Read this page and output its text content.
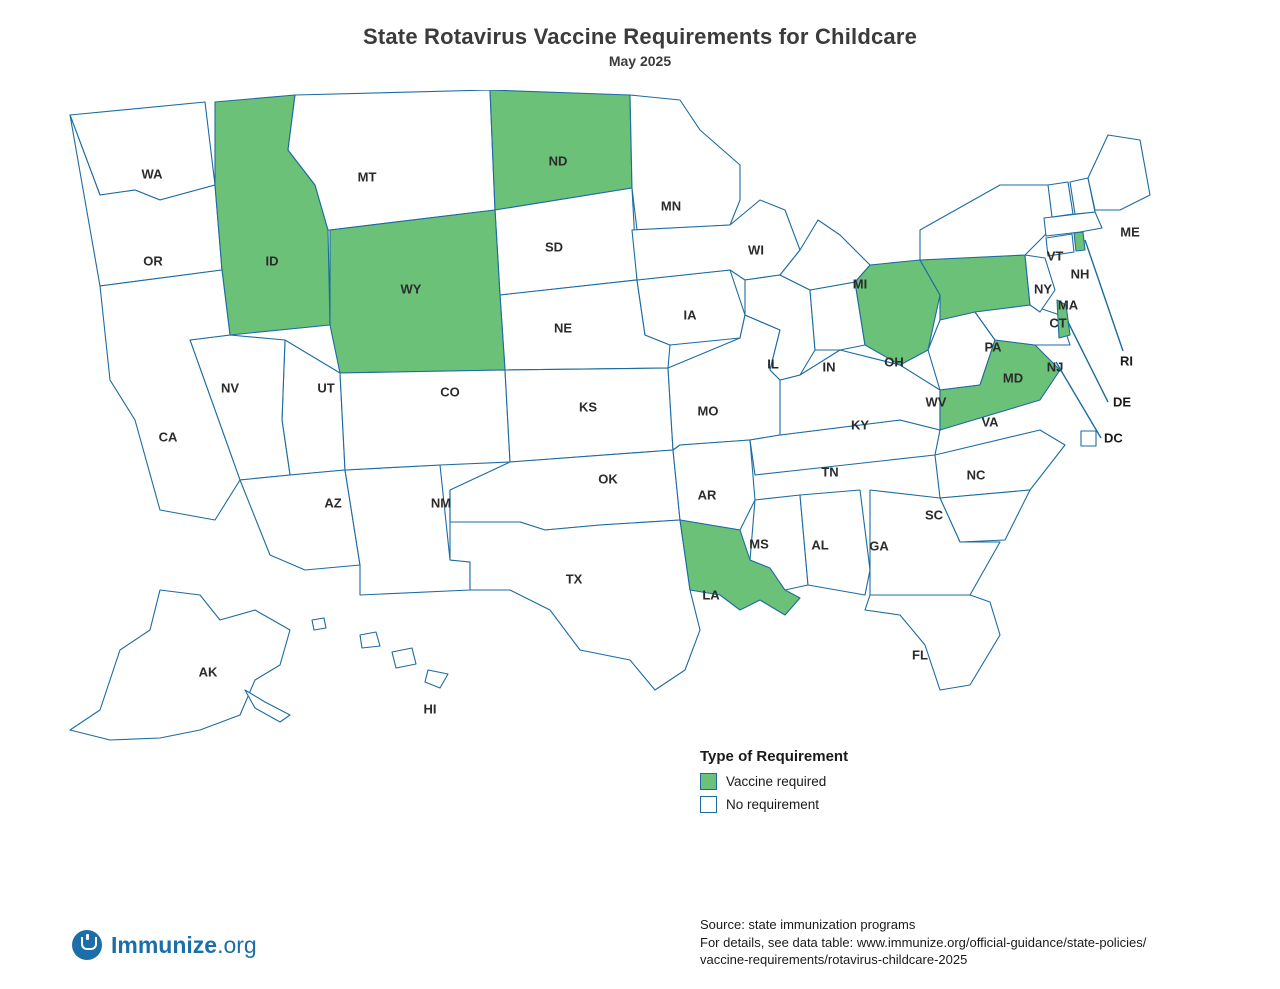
State Rotavirus Vaccine Requirements for Childcare
May 2025
WA
OR	ID
MT
ND
SD
MN
WI
MI
WY
NE
IA
NV	UT	CO
KS	MO
IL	IN	OH
PA
NY
CA
AZ	NM
OK
AR
TX
LA
MS	AL	GA
FL
TN
KY
WV
VA
NC
SC
MD
NJ
CT
MA
VT
NH
ME
AK
HI
RI
DE
DC
Type of Requirement
Vaccine required
No requirement
Source: state immunization programs
For details, see data table: www.immunize.org/official-guidance/state-policies/
vaccine-requirements/rotavirus-childcare-2025
Immunize.org
